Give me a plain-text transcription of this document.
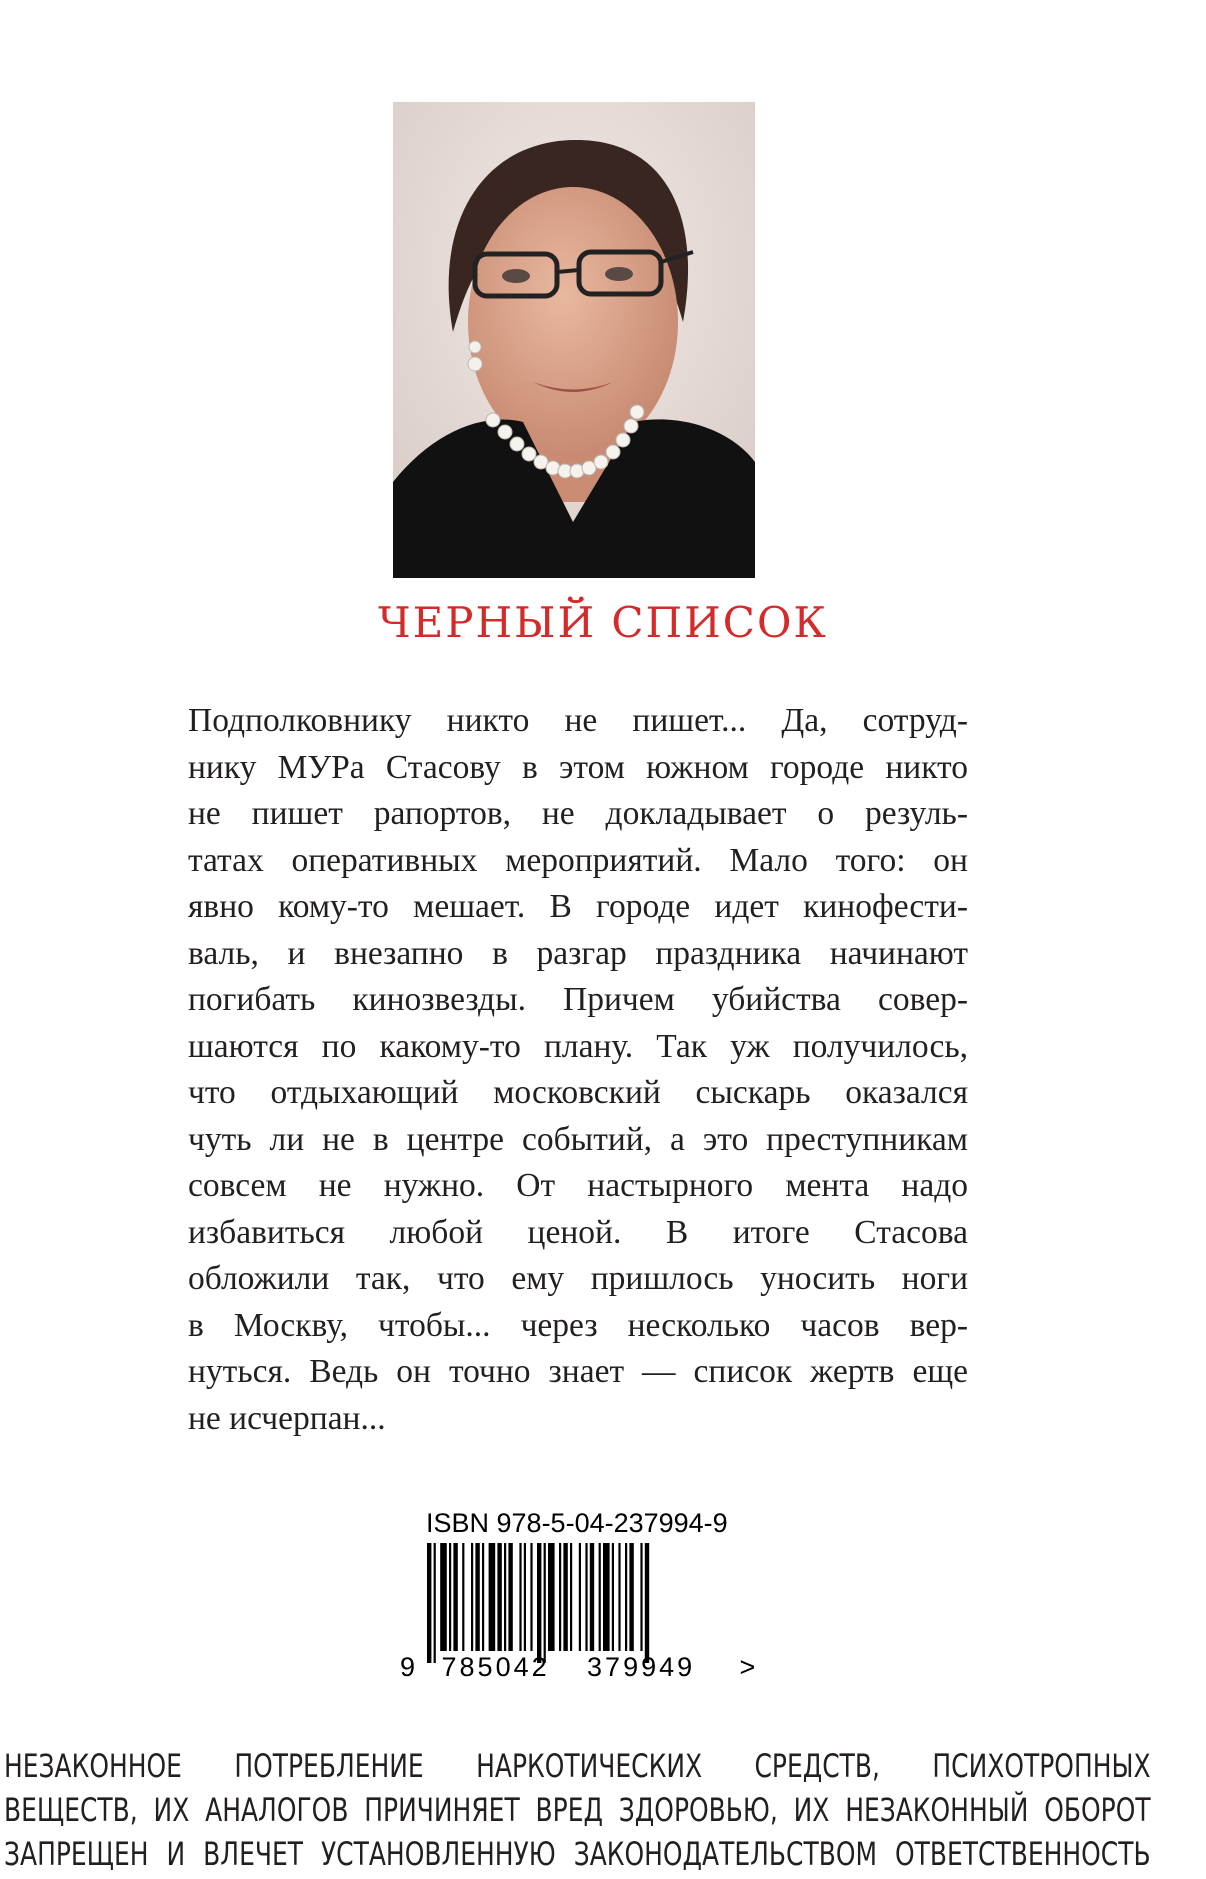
ЧЕРНЫЙ СПИСОК
Подполковнику никто не пишет... Да, сотруд-
нику МУРа Стасову в этом южном городе никто
не пишет рапортов, не докладывает о резуль-
татах оперативных мероприятий. Мало того: он
явно кому-то мешает. В городе идет кинофести-
валь, и внезапно в разгар праздника начинают
погибать кинозвезды. Причем убийства совер-
шаются по какому-то плану. Так уж получилось,
что отдыхающий московский сыскарь оказался
чуть ли не в центре событий, а это преступникам
совсем не нужно. От настырного мента надо
избавиться любой ценой. В итоге Стасова
обложили так, что ему пришлось уносить ноги
в Москву, чтобы... через несколько часов вер-
нуться. Ведь он точно знает — список жертв еще
не исчерпан...
ISBN 978-5-04-237994-9
9 785042 379949 >
НЕЗАКОННОЕ ПОТРЕБЛЕНИЕ НАРКОТИЧЕСКИХ СРЕДСТВ, ПСИХОТРОПНЫХ
ВЕЩЕСТВ, ИХ АНАЛОГОВ ПРИЧИНЯЕТ ВРЕД ЗДОРОВЬЮ, ИХ НЕЗАКОННЫЙ ОБОРОТ
ЗАПРЕЩЕН И ВЛЕЧЕТ УСТАНОВЛЕННУЮ ЗАКОНОДАТЕЛЬСТВОМ ОТВЕТСТВЕННОСТЬ
